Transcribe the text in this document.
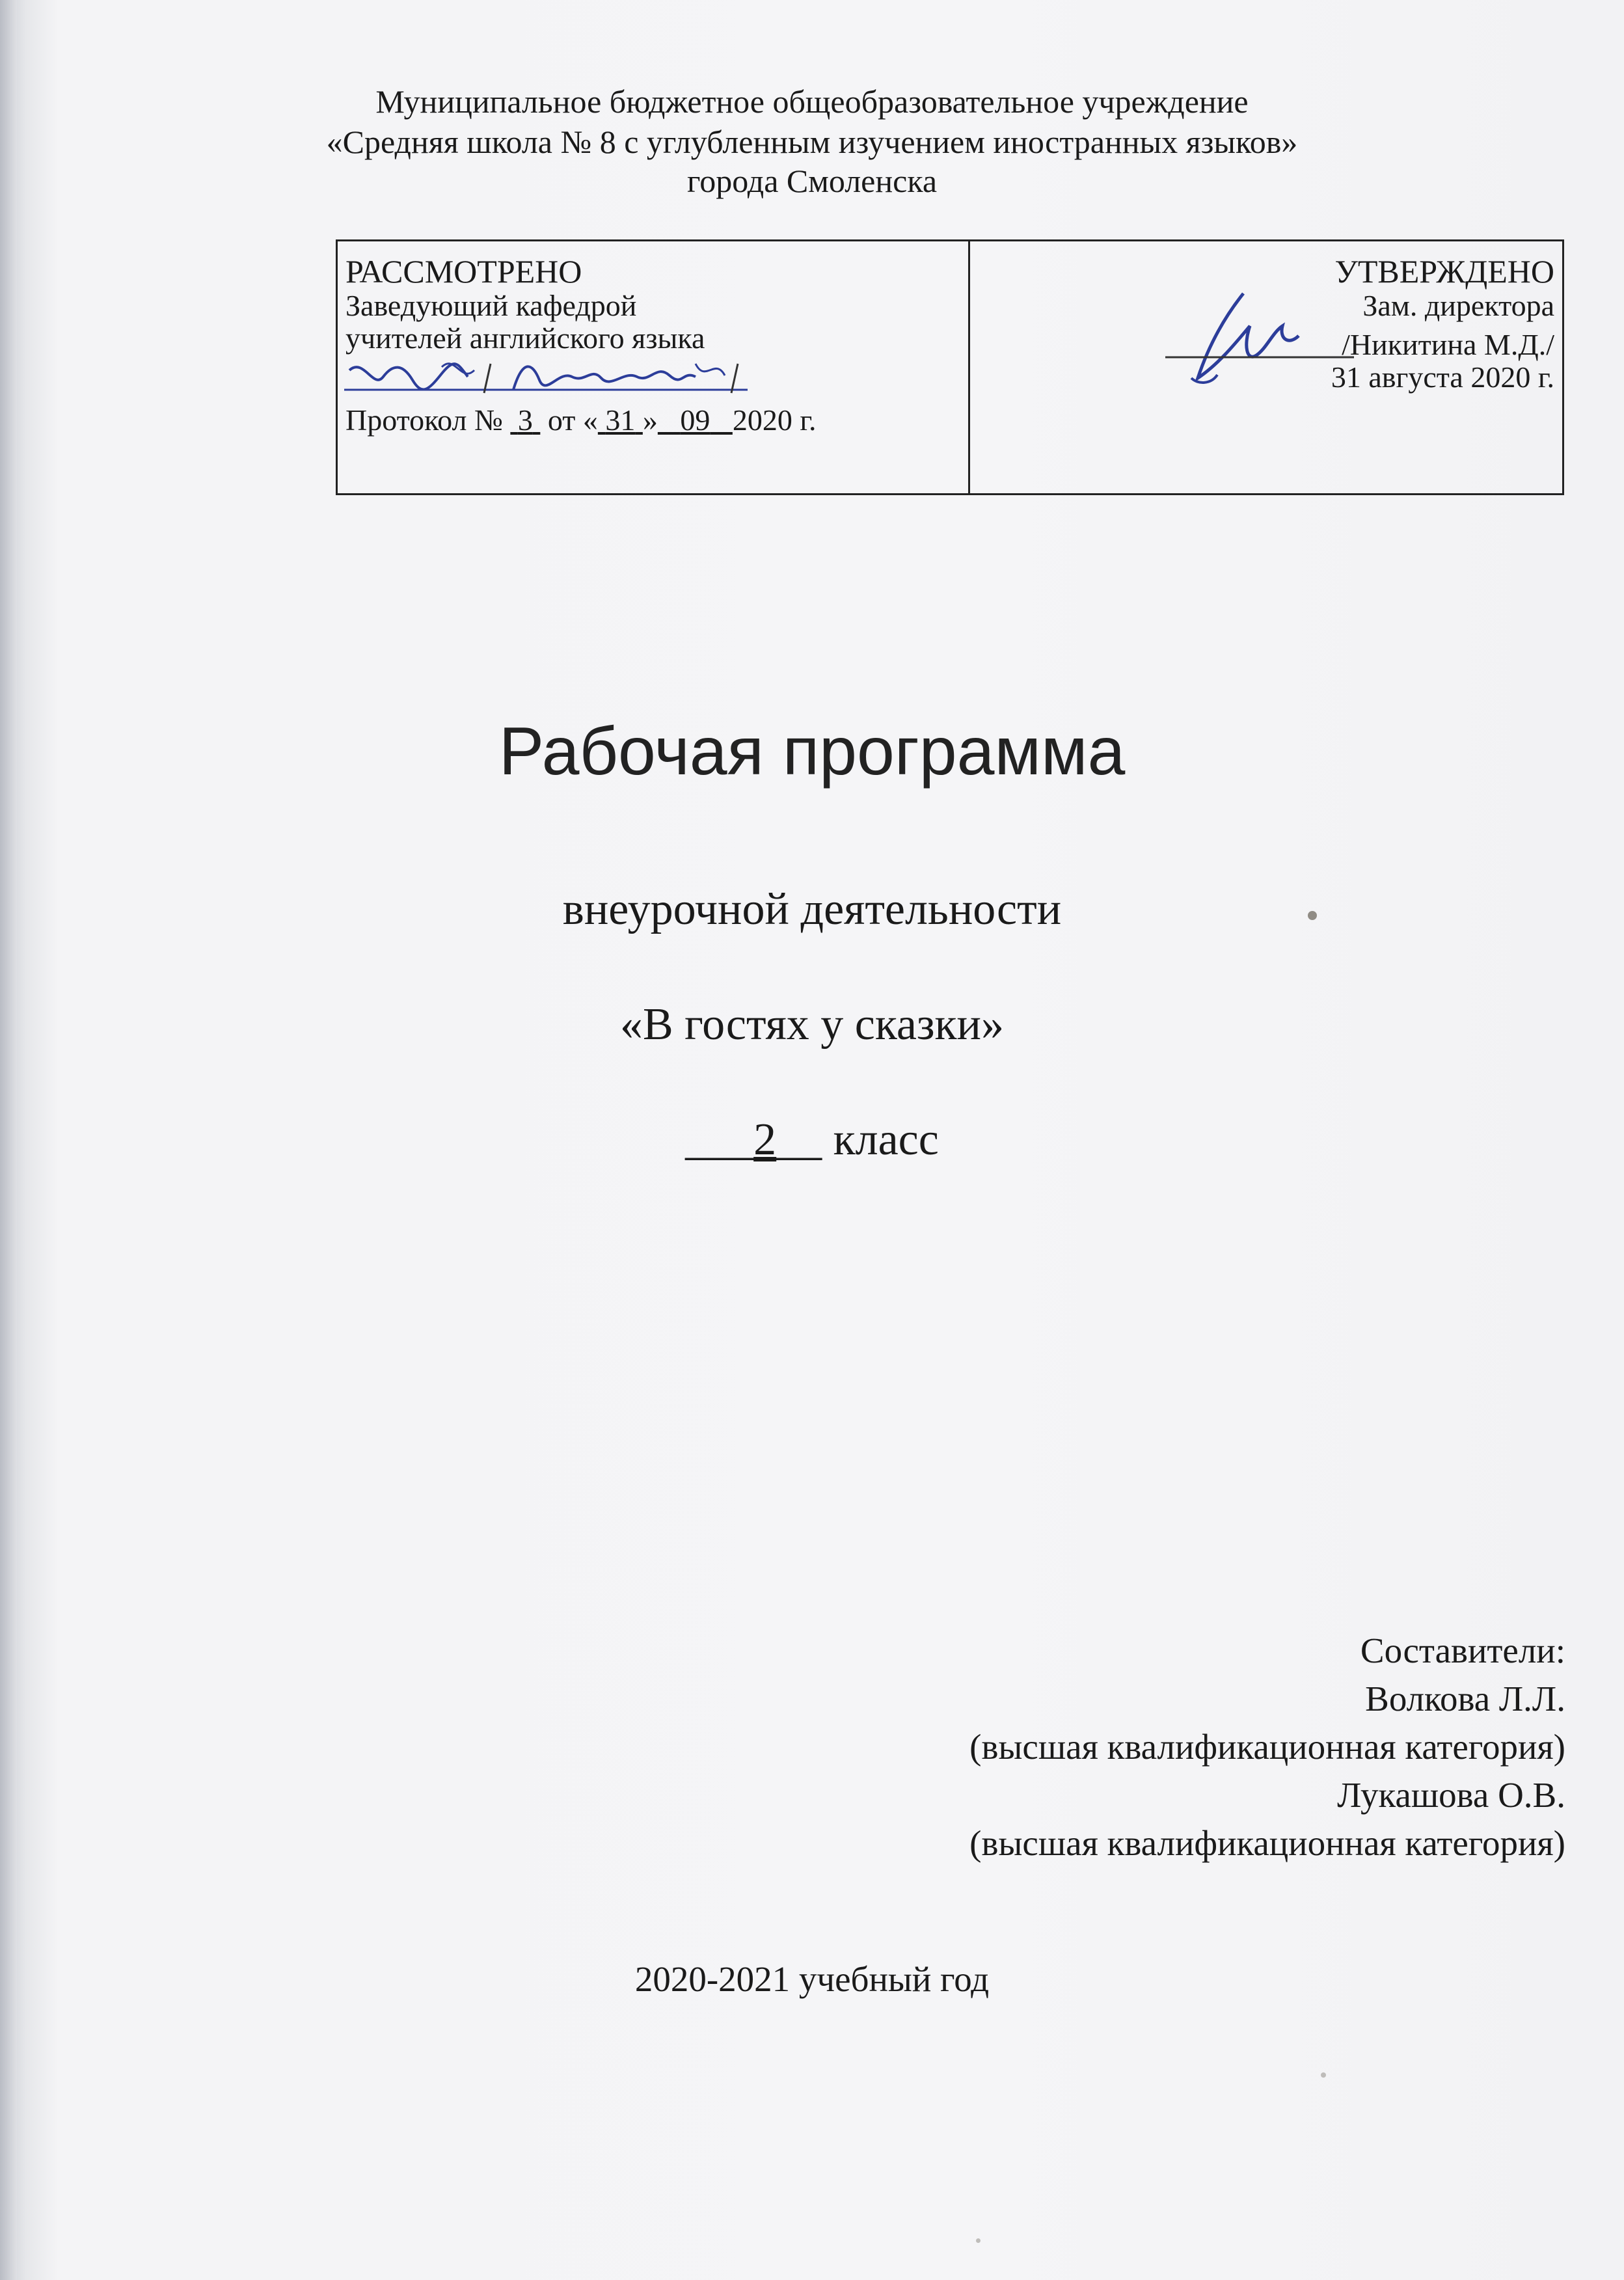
Муниципальное бюджетное общеобразовательное учреждение
«Средняя школа № 8 с углубленным изучением иностранных языков»
города Смоленска
РАССМОТРЕНО
Заведующий кафедрой
учителей английского языка
Протокол № 3 от « 31 » 09 2020 г.
УТВЕРЖДЕНО
Зам. директора
/Никитина М.Д./
31 августа 2020 г.
Рабочая программа
внеурочной деятельности
«В гостях у сказки»
___2__ класс
Составители:
Волкова Л.Л.
(высшая квалификационная категория)
Лукашова О.В.
(высшая квалификационная категория)
2020-2021 учебный год
